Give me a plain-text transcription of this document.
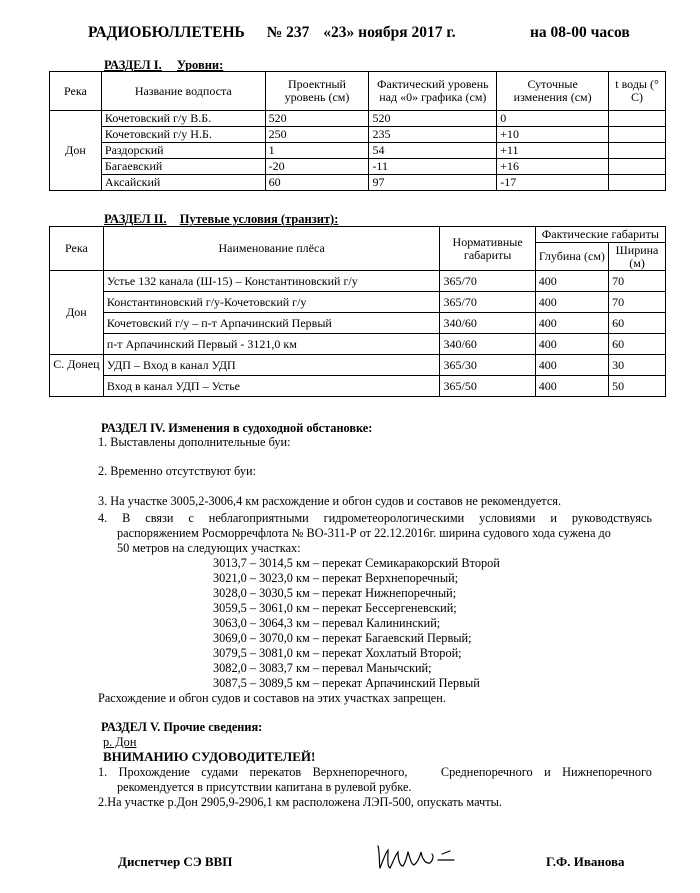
РАДИОБЮЛЛЕТЕНЬ № 237 «23» ноября 2017 г.	на 08-00 часов
РАЗДЕЛ I. Уровни:
Река	Название водпоста	Проектный уровень (см)	Фактический уровень над «0» графика (см)	Суточные изменения (см)	t воды (° С)
Дон	Кочетовский г/у В.Б.	520	520	0	
	Кочетовский г/у Н.Б.	250	235	+10	
	Раздорский	1	54	+11	
	Багаевский	-20	-11	+16	
	Аксайский	60	97	-17	
РАЗДЕЛ II. Путевые условия (транзит):
Река	Наименование плёса	Нормативные габариты	Фактические габариты	
			Глубина (см)	Ширина (м)
Дон	Устье 132 канала (Ш-15) – Константиновский г/у	365/70	400	70
	Константиновский г/у-Кочетовский г/у	365/70	400	70
	Кочетовский г/у – п-т Арпачинский Первый	340/60	400	60
	п-т Арпачинский Первый - 3121,0 км	340/60	400	60
С. Донец	УДП – Вход в канал УДП	365/30	400	30
	Вход в канал УДП – Устье	365/50	400	50
РАЗДЕЛ IV. Изменения в судоходной обстановке:
1. Выставлены дополнительные буи:
2. Временно отсутствуют буи:
3. На участке 3005,2-3006,4 км расхождение и обгон судов и составов не рекомендуется.
4. В связи с неблагоприятными гидрометеорологическими условиями и руководствуясь
распоряжением Росморречфлота № ВО-311-Р от 22.12.2016г. ширина судового хода сужена до
50 метров на следующих участках:
3013,7 – 3014,5 км – перекат Семикаракорский Второй
3021,0 – 3023,0 км – перекат Верхнепоречный;
3028,0 – 3030,5 км – перекат Нижнепоречный;
3059,5 – 3061,0 км – перекат Бессергеневский;
3063,0 – 3064,3 км – перевал Калининский;
3069,0 – 3070,0 км – перекат Багаевский Первый;
3079,5 – 3081,0 км – перекат Хохлатый Второй;
3082,0 – 3083,7 км – перевал Манычский;
3087,5 – 3089,5 км – перекат Арпачинский Первый
Расхождение и обгон судов и составов на этих участках запрещен.
РАЗДЕЛ V. Прочие сведения:
р. Дон
ВНИМАНИЮ СУДОВОДИТЕЛЕЙ!
1. Прохождение судами перекатов Верхнепоречного,	Среднепоречного и Нижнепоречного
рекомендуется в присутствии капитана в рулевой рубке.
2.На участке р.Дон 2905,9-2906,1 км расположена ЛЭП-500, опускать мачты.
Диспетчер СЭ ВВП	Г.Ф. Иванова
